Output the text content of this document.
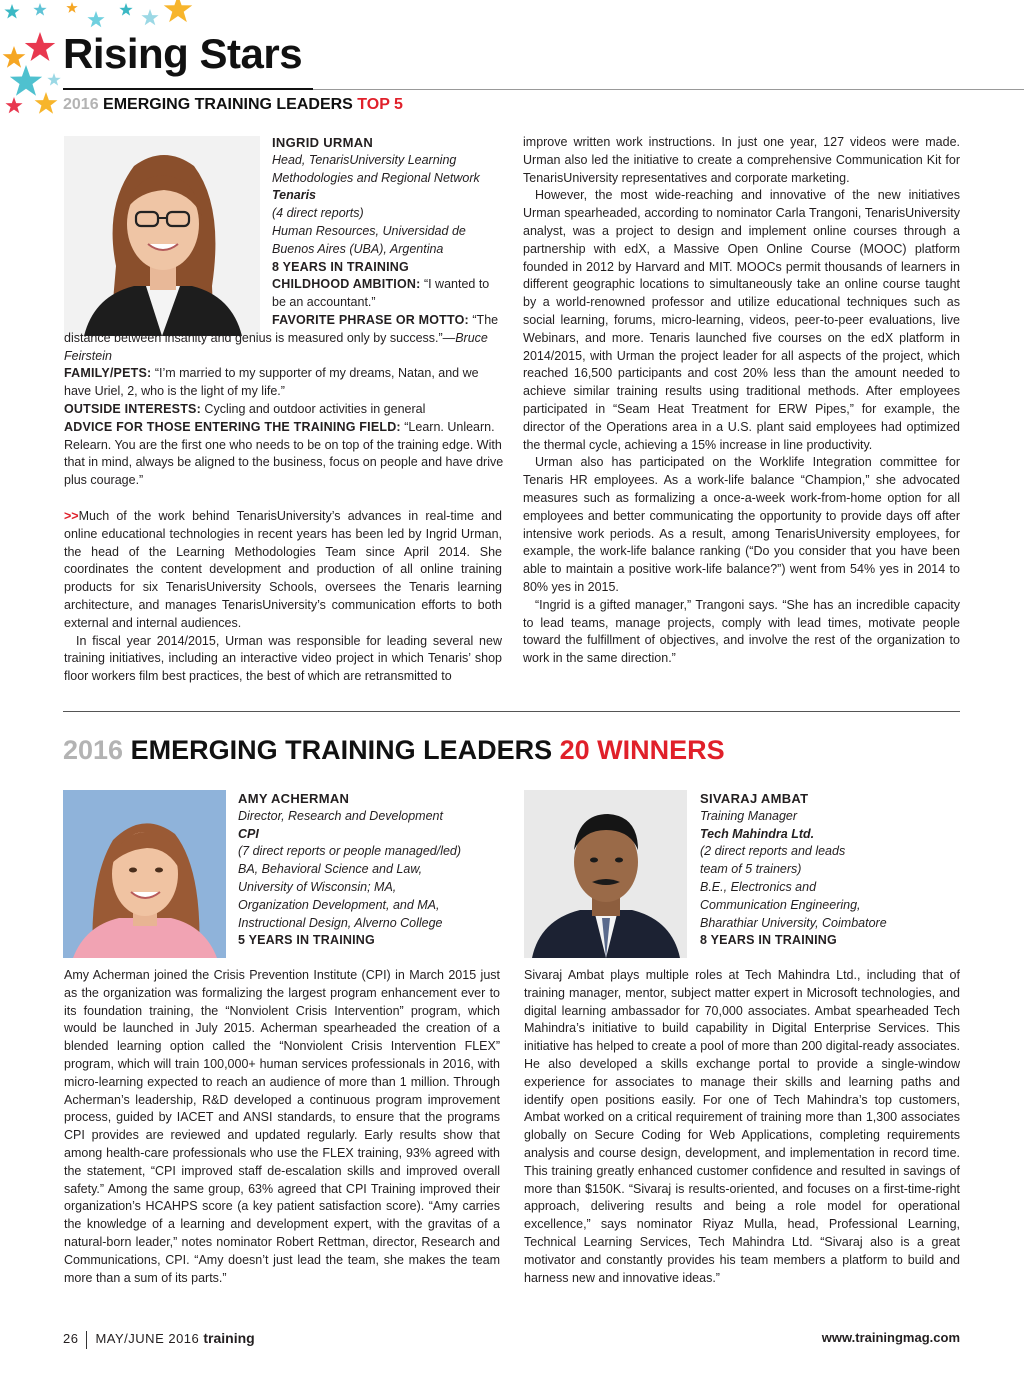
Rising Stars
2016 EMERGING TRAINING LEADERS TOP 5
INGRID URMAN
Head, TenarisUniversity Learning
Methodologies and Regional Network
Tenaris
(4 direct reports)
Human Resources, Universidad de
Buenos Aires (UBA), Argentina
8 YEARS IN TRAINING
CHILDHOOD AMBITION: “I wanted to be an accountant.”
FAVORITE PHRASE OR MOTTO: “The distance between insanity and genius is measured only by success.”—Bruce Feirstein
FAMILY/PETS: “I’m married to my supporter of my dreams, Natan, and we have Uriel, 2, who is the light of my life.”
OUTSIDE INTERESTS: Cycling and outdoor activities in general
ADVICE FOR THOSE ENTERING THE TRAINING FIELD: “Learn. Unlearn. Relearn. You are the first one who needs to be on top of the training edge. With that in mind, always be aligned to the business, focus on people and have drive plus courage.”

>>Much of the work behind TenarisUniversity’s advances in real-time and online educational technologies in recent years has been led by Ingrid Urman, the head of the Learning Methodologies Team since April 2014. She coordinates the content development and production of all online training products for six TenarisUniversity Schools, oversees the Tenaris learning architecture, and manages TenarisUniversity’s communication efforts to both external and internal audiences.

In fiscal year 2014/2015, Urman was responsible for leading several new training initiatives, including an interactive video project in which Tenaris’ shop floor workers film best practices, the best of which are retransmitted to

improve written work instructions. In just one year, 127 videos were made. Urman also led the initiative to create a comprehensive Communication Kit for TenarisUniversity representatives and corporate marketing.

However, the most wide-reaching and innovative of the new initiatives Urman spearheaded, according to nominator Carla Trangoni, TenarisUniversity analyst, was a project to design and implement online courses through a partnership with edX, a Massive Open Online Course (MOOC) platform founded in 2012 by Harvard and MIT. MOOCs permit thousands of learners in different geographic locations to simultaneously take an online course taught by a world-renowned professor and utilize educational techniques such as social learning, forums, micro-learning, videos, peer-to-peer evaluations, live Webinars, and more. Tenaris launched five courses on the edX platform in 2014/2015, with Urman the project leader for all aspects of the project, which reached 16,500 participants and cost 20% less than the amount needed to achieve similar training results using traditional methods. After employees participated in “Seam Heat Treatment for ERW Pipes,” for example, the director of the Operations area in a U.S. plant said employees had optimized the thermal cycle, achieving a 15% increase in line productivity.

Urman also has participated on the Worklife Integration committee for Tenaris HR employees. As a work-life balance “Champion,” she advocated measures such as formalizing a once-a-week work-from-home option for all employees and better communicating the opportunity to provide days off after intensive work periods. As a result, among TenarisUniversity employees, for example, the work-life balance ranking (“Do you consider that you have been able to maintain a positive work-life balance?”) went from 54% yes in 2014 to 80% yes in 2015.

“Ingrid is a gifted manager,” Trangoni says. “She has an incredible capacity to lead teams, manage projects, comply with lead times, motivate people toward the fulfillment of objectives, and involve the rest of the organization to work in the same direction.”

2016 EMERGING TRAINING LEADERS 20 WINNERS
AMY ACHERMAN
Director, Research and Development
CPI
(7 direct reports or people managed/led)
BA, Behavioral Science and Law,
University of Wisconsin; MA,
Organization Development, and MA,
Instructional Design, Alverno College
5 YEARS IN TRAINING

Amy Acherman joined the Crisis Prevention Institute (CPI) in March 2015 just as the organization was formalizing the largest program enhancement ever to its foundation training, the “Nonviolent Crisis Intervention” program, which would be launched in July 2015. Acherman spearheaded the creation of a blended learning option called the “Nonviolent Crisis Intervention FLEX” program, which will train 100,000+ human services professionals in 2016, with micro-learning expected to reach an audience of more than 1 million. Through Acherman’s leadership, R&D developed a continuous program improvement process, guided by IACET and ANSI standards, to ensure that the programs CPI provides are reviewed and updated regularly. Early results show that among health-care professionals who use the FLEX training, 93% agreed with the statement, “CPI improved staff de-escalation skills and improved overall safety.” Among the same group, 63% agreed that CPI Training improved their organization’s HCAHPS score (a key patient satisfaction score). “Amy carries the knowledge of a learning and development expert, with the gravitas of a natural-born leader,” notes nominator Robert Rettman, director, Research and Communications, CPI. “Amy doesn’t just lead the team, she makes the team more than a sum of its parts.”

SIVARAJ AMBAT
Training Manager
Tech Mahindra Ltd.
(2 direct reports and leads
team of 5 trainers)
B.E., Electronics and
Communication Engineering,
Bharathiar University, Coimbatore
8 YEARS IN TRAINING

Sivaraj Ambat plays multiple roles at Tech Mahindra Ltd., including that of training manager, mentor, subject matter expert in Microsoft technologies, and digital learning ambassador for 70,000 associates. Ambat spearheaded Tech Mahindra’s initiative to build capability in Digital Enterprise Services. This initiative has helped to create a pool of more than 200 digital-ready associates. He also developed a skills exchange portal to provide a single-window experience for associates to manage their skills and learning paths and identify open positions easily. For one of Tech Mahindra’s top customers, Ambat worked on a critical requirement of training more than 1,300 associates globally on Secure Coding for Web Applications, completing requirements analysis and course design, development, and implementation in record time. This training greatly enhanced customer confidence and resulted in savings of more than $150K. “Sivaraj is results-oriented, and focuses on a first-time-right approach, delivering results and being a role model for operational excellence,” says nominator Riyaz Mulla, head, Professional Learning, Technical Learning Services, Tech Mahindra Ltd. “Sivaraj also is a great motivator and constantly provides his team members a platform to build and harness new and innovative ideas.”

26 MAY/JUNE 2016 training	www.trainingmag.com
